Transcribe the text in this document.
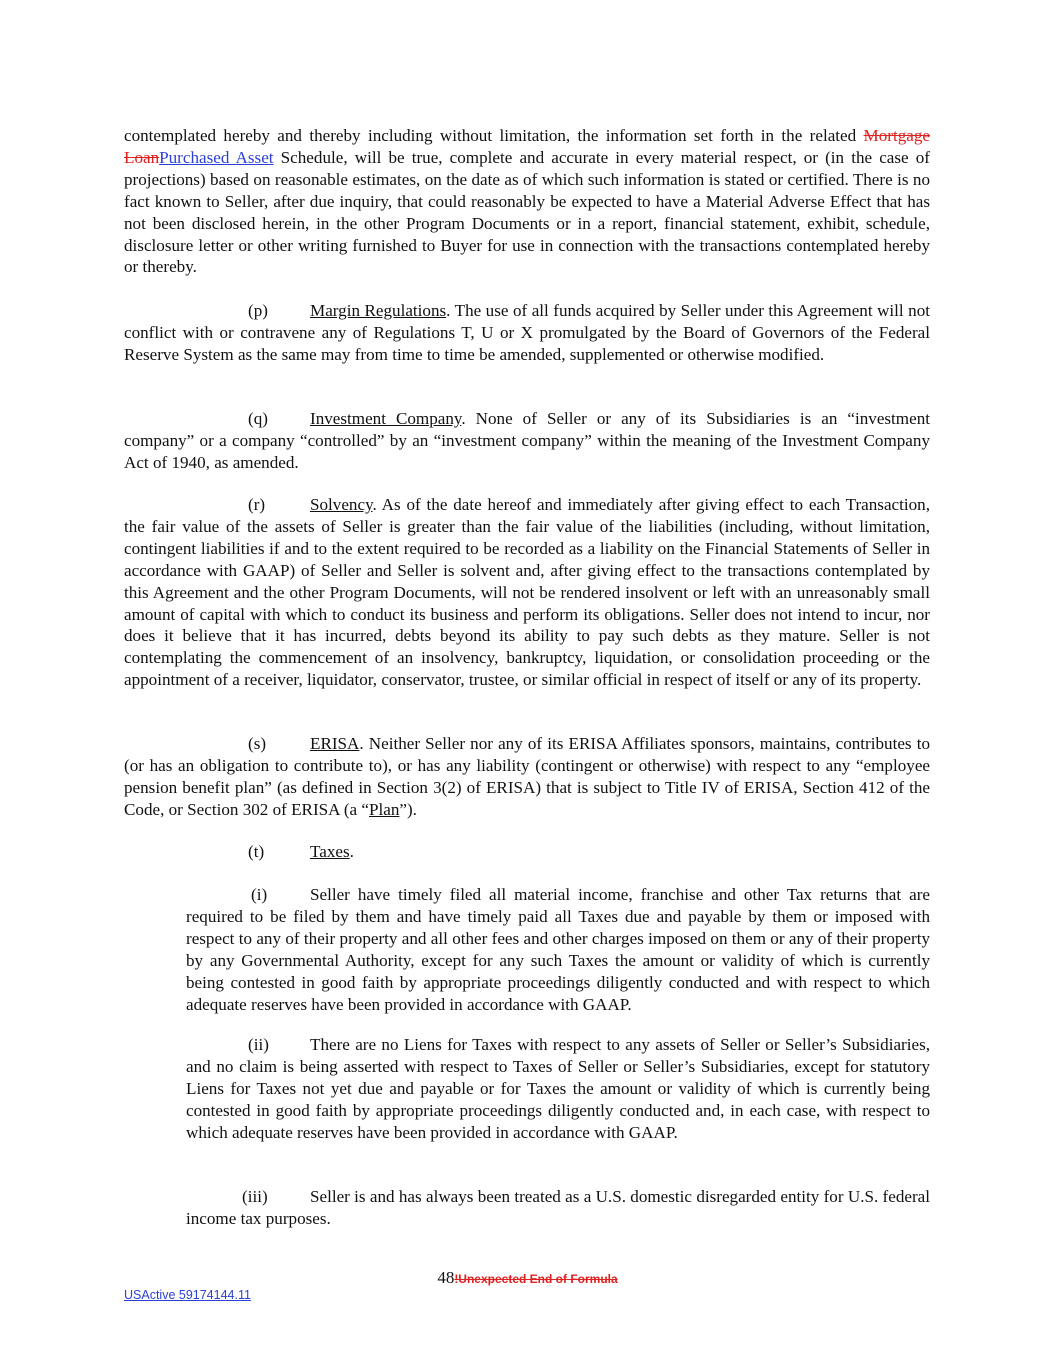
contemplated hereby and thereby including without limitation, the information set forth in the related Mortgage LoanPurchased Asset Schedule, will be true, complete and accurate in every material respect, or (in the case of projections) based on reasonable estimates, on the date as of which such information is stated or certified. There is no fact known to Seller, after due inquiry, that could reasonably be expected to have a Material Adverse Effect that has not been disclosed herein, in the other Program Documents or in a report, financial statement, exhibit, schedule, disclosure letter or other writing furnished to Buyer for use in connection with the transactions contemplated hereby or thereby.

(p) Margin Regulations. The use of all funds acquired by Seller under this Agreement will not conflict with or contravene any of Regulations T, U or X promulgated by the Board of Governors of the Federal Reserve System as the same may from time to time be amended, supplemented or otherwise modified.

(q) Investment Company. None of Seller or any of its Subsidiaries is an “investment company” or a company “controlled” by an “investment company” within the meaning of the Investment Company Act of 1940, as amended.

(r)	Solvency. As of the date hereof and immediately after giving effect to each Transaction, the fair value of the assets of Seller is greater than the fair value of the liabilities (including, without limitation, contingent liabilities if and to the extent required to be recorded as a liability on the Financial Statements of Seller in accordance with GAAP) of Seller and Seller is solvent and, after giving effect to the transactions contemplated by this Agreement and the other Program Documents, will not be rendered insolvent or left with an unreasonably small amount of capital with which to conduct its business and perform its obligations. Seller does not intend to incur, nor does it believe that it has incurred, debts beyond its ability to pay such debts as they mature. Seller is not contemplating the commencement of an insolvency, bankruptcy, liquidation, or consolidation proceeding or the appointment of a receiver, liquidator, conservator, trustee, or similar official in respect of itself or any of its property.

(s)	ERISA. Neither Seller nor any of its ERISA Affiliates sponsors, maintains, contributes to (or has an obligation to contribute to), or has any liability (contingent or otherwise) with respect to any “employee pension benefit plan” (as defined in Section 3(2) of ERISA) that is subject to Title IV of ERISA, Section 412 of the Code, or Section 302 of ERISA (a “Plan”).

(t)	Taxes.

(i)	Seller have timely filed all material income, franchise and other Tax returns that are required to be filed by them and have timely paid all Taxes due and payable by them or imposed with respect to any of their property and all other fees and other charges imposed on them or any of their property by any Governmental Authority, except for any such Taxes the amount or validity of which is currently being contested in good faith by appropriate proceedings diligently conducted and with respect to which adequate reserves have been provided in accordance with GAAP.

(ii) There are no Liens for Taxes with respect to any assets of Seller or Seller’s Subsidiaries, and no claim is being asserted with respect to Taxes of Seller or Seller’s Subsidiaries, except for statutory Liens for Taxes not yet due and payable or for Taxes the amount or validity of which is currently being contested in good faith by appropriate proceedings diligently conducted and, in each case, with respect to which adequate reserves have been provided in accordance with GAAP.

(iii) Seller is and has always been treated as a U.S. domestic disregarded entity for U.S. federal income tax purposes.

48!Unexpected End of Formula
USActive 59174144.11
